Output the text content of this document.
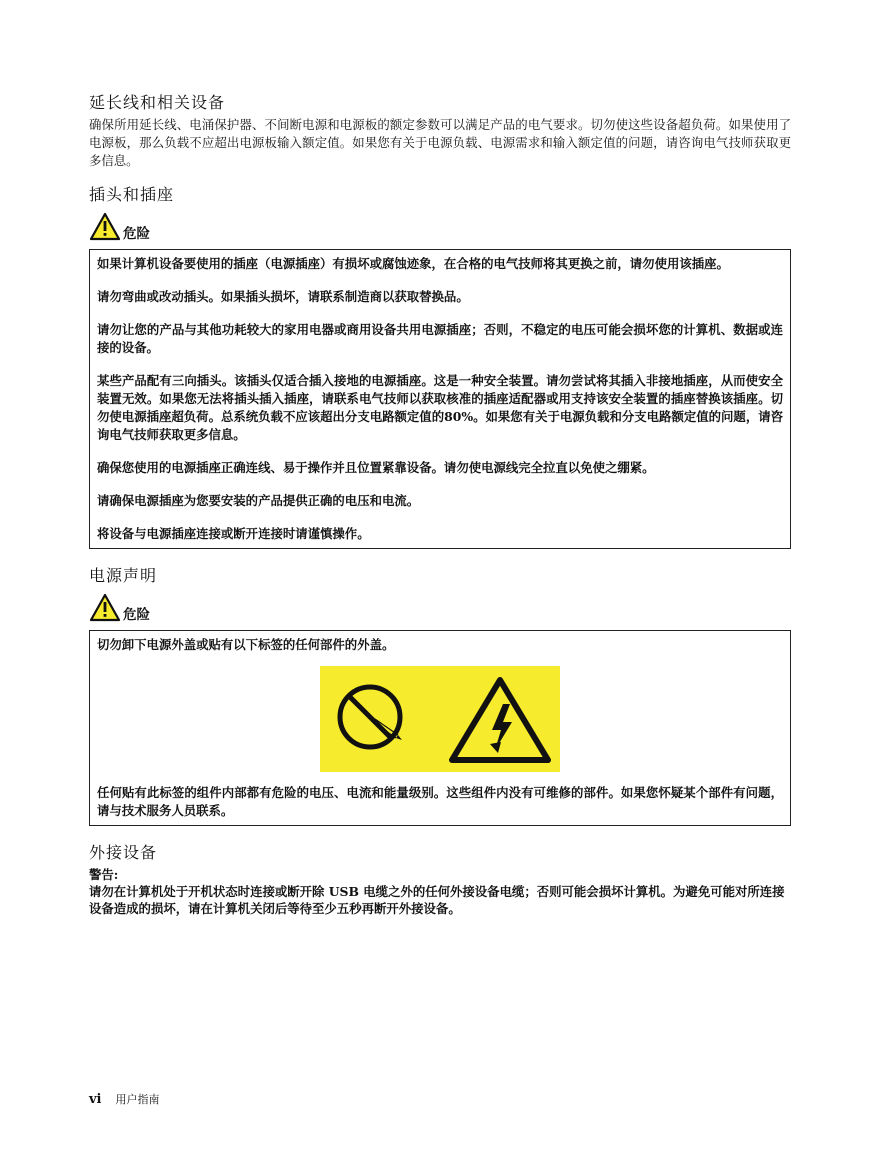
延长线和相关设备

确保所用延长线、电涌保护器、不间断电源和电源板的额定参数可以满足产品的电气要求。切勿使这些设备超负荷。如果使用了电源板，那么负载不应超出电源板输入额定值。如果您有关于电源负载、电源需求和输入额定值的问题，请咨询电气技师获取更多信息。

插头和插座
危险

如果计算机设备要使用的插座（电源插座）有损坏或腐蚀迹象，在合格的电气技师将其更换之前，请勿使用该插座。

请勿弯曲或改动插头。如果插头损坏，请联系制造商以获取替换品。

请勿让您的产品与其他功耗较大的家用电器或商用设备共用电源插座；否则，不稳定的电压可能会损坏您的计算机、数据或连接的设备。

某些产品配有三向插头。该插头仅适合插入接地的电源插座。这是一种安全装置。请勿尝试将其插入非接地插座，从而使安全装置无效。如果您无法将插头插入插座，请联系电气技师以获取核准的插座适配器或用支持该安全装置的插座替换该插座。切勿使电源插座超负荷。总系统负载不应该超出分支电路额定值的80%。如果您有关于电源负载和分支电路额定值的问题，请咨询电气技师获取更多信息。

确保您使用的电源插座正确连线、易于操作并且位置紧靠设备。请勿使电源线完全拉直以免使之绷紧。

请确保电源插座为您要安装的产品提供正确的电压和电流。

将设备与电源插座连接或断开连接时请谨慎操作。

电源声明
危险

切勿卸下电源外盖或贴有以下标签的任何部件的外盖。

任何贴有此标签的组件内部都有危险的电压、电流和能量级别。这些组件内没有可维修的部件。如果您怀疑某个部件有问题，请与技术服务人员联系。

外接设备

警告:

请勿在计算机处于开机状态时连接或断开除 USB 电缆之外的任何外接设备电缆；否则可能会损坏计算机。为避免可能对所连接设备造成的损坏，请在计算机关闭后等待至少五秒再断开外接设备。

vi 用户指南
